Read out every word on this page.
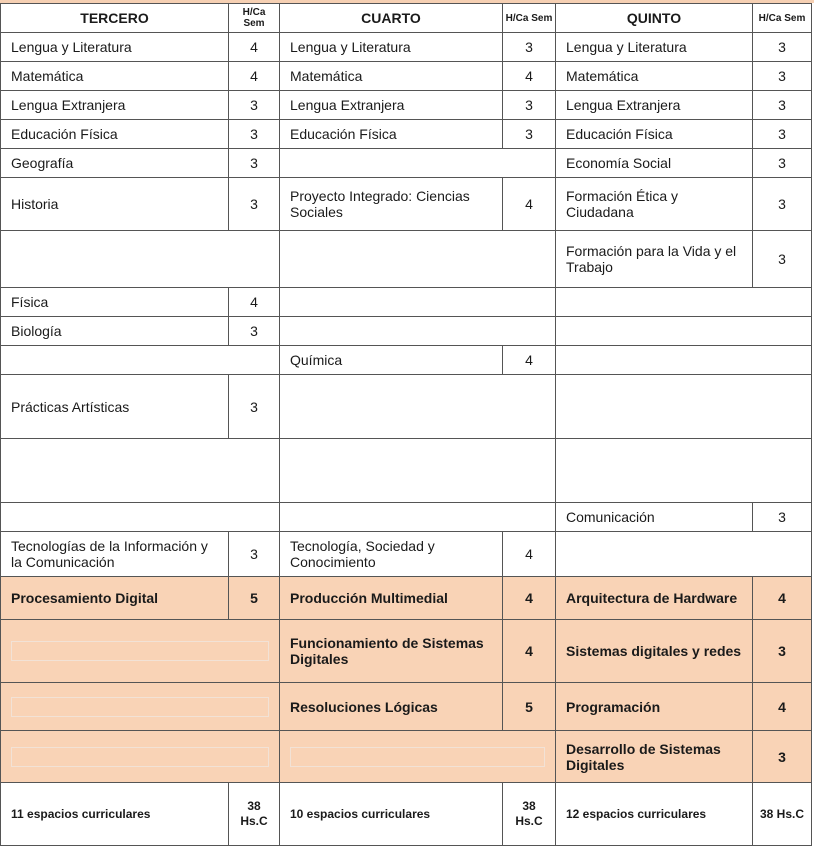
TERCERO	H/Ca Sem	CUARTO	H/Ca Sem	QUINTO	H/Ca Sem

Lengua y Literatura	4	Lengua y Literatura	3	Lengua y Literatura	3

Matemática	4	Matemática	4	Matemática	3

Lengua Extranjera	3	Lengua Extranjera	3	Lengua Extranjera	3

Educación Física	3	Educación Física	3	Educación Física	3

Geografía	3			Economía Social	3

Historia	3	Proyecto Integrado: Ciencias Sociales	4	Formación Ética y Ciudadana	3

				Formación para la Vida y el Trabajo	3

Física	4				

Biología	3				

		Química	4		

Prácticas Artísticas	3				

				Comunicación	3

Tecnologías de la Información y la Comunicación	3	Tecnología, Sociedad y Conocimiento	4		

Procesamiento Digital	5	Producción Multimedial	4	Arquitectura de Hardware	4

		Funcionamiento de Sistemas Digitales	4	Sistemas digitales y redes	3

		Resoluciones Lógicas	5	Programación	4

				Desarrollo de Sistemas Digitales	3
11 espacios curriculares	38 Hs.C	10 espacios curriculares	38 Hs.C	12 espacios curriculares	38 Hs.C
